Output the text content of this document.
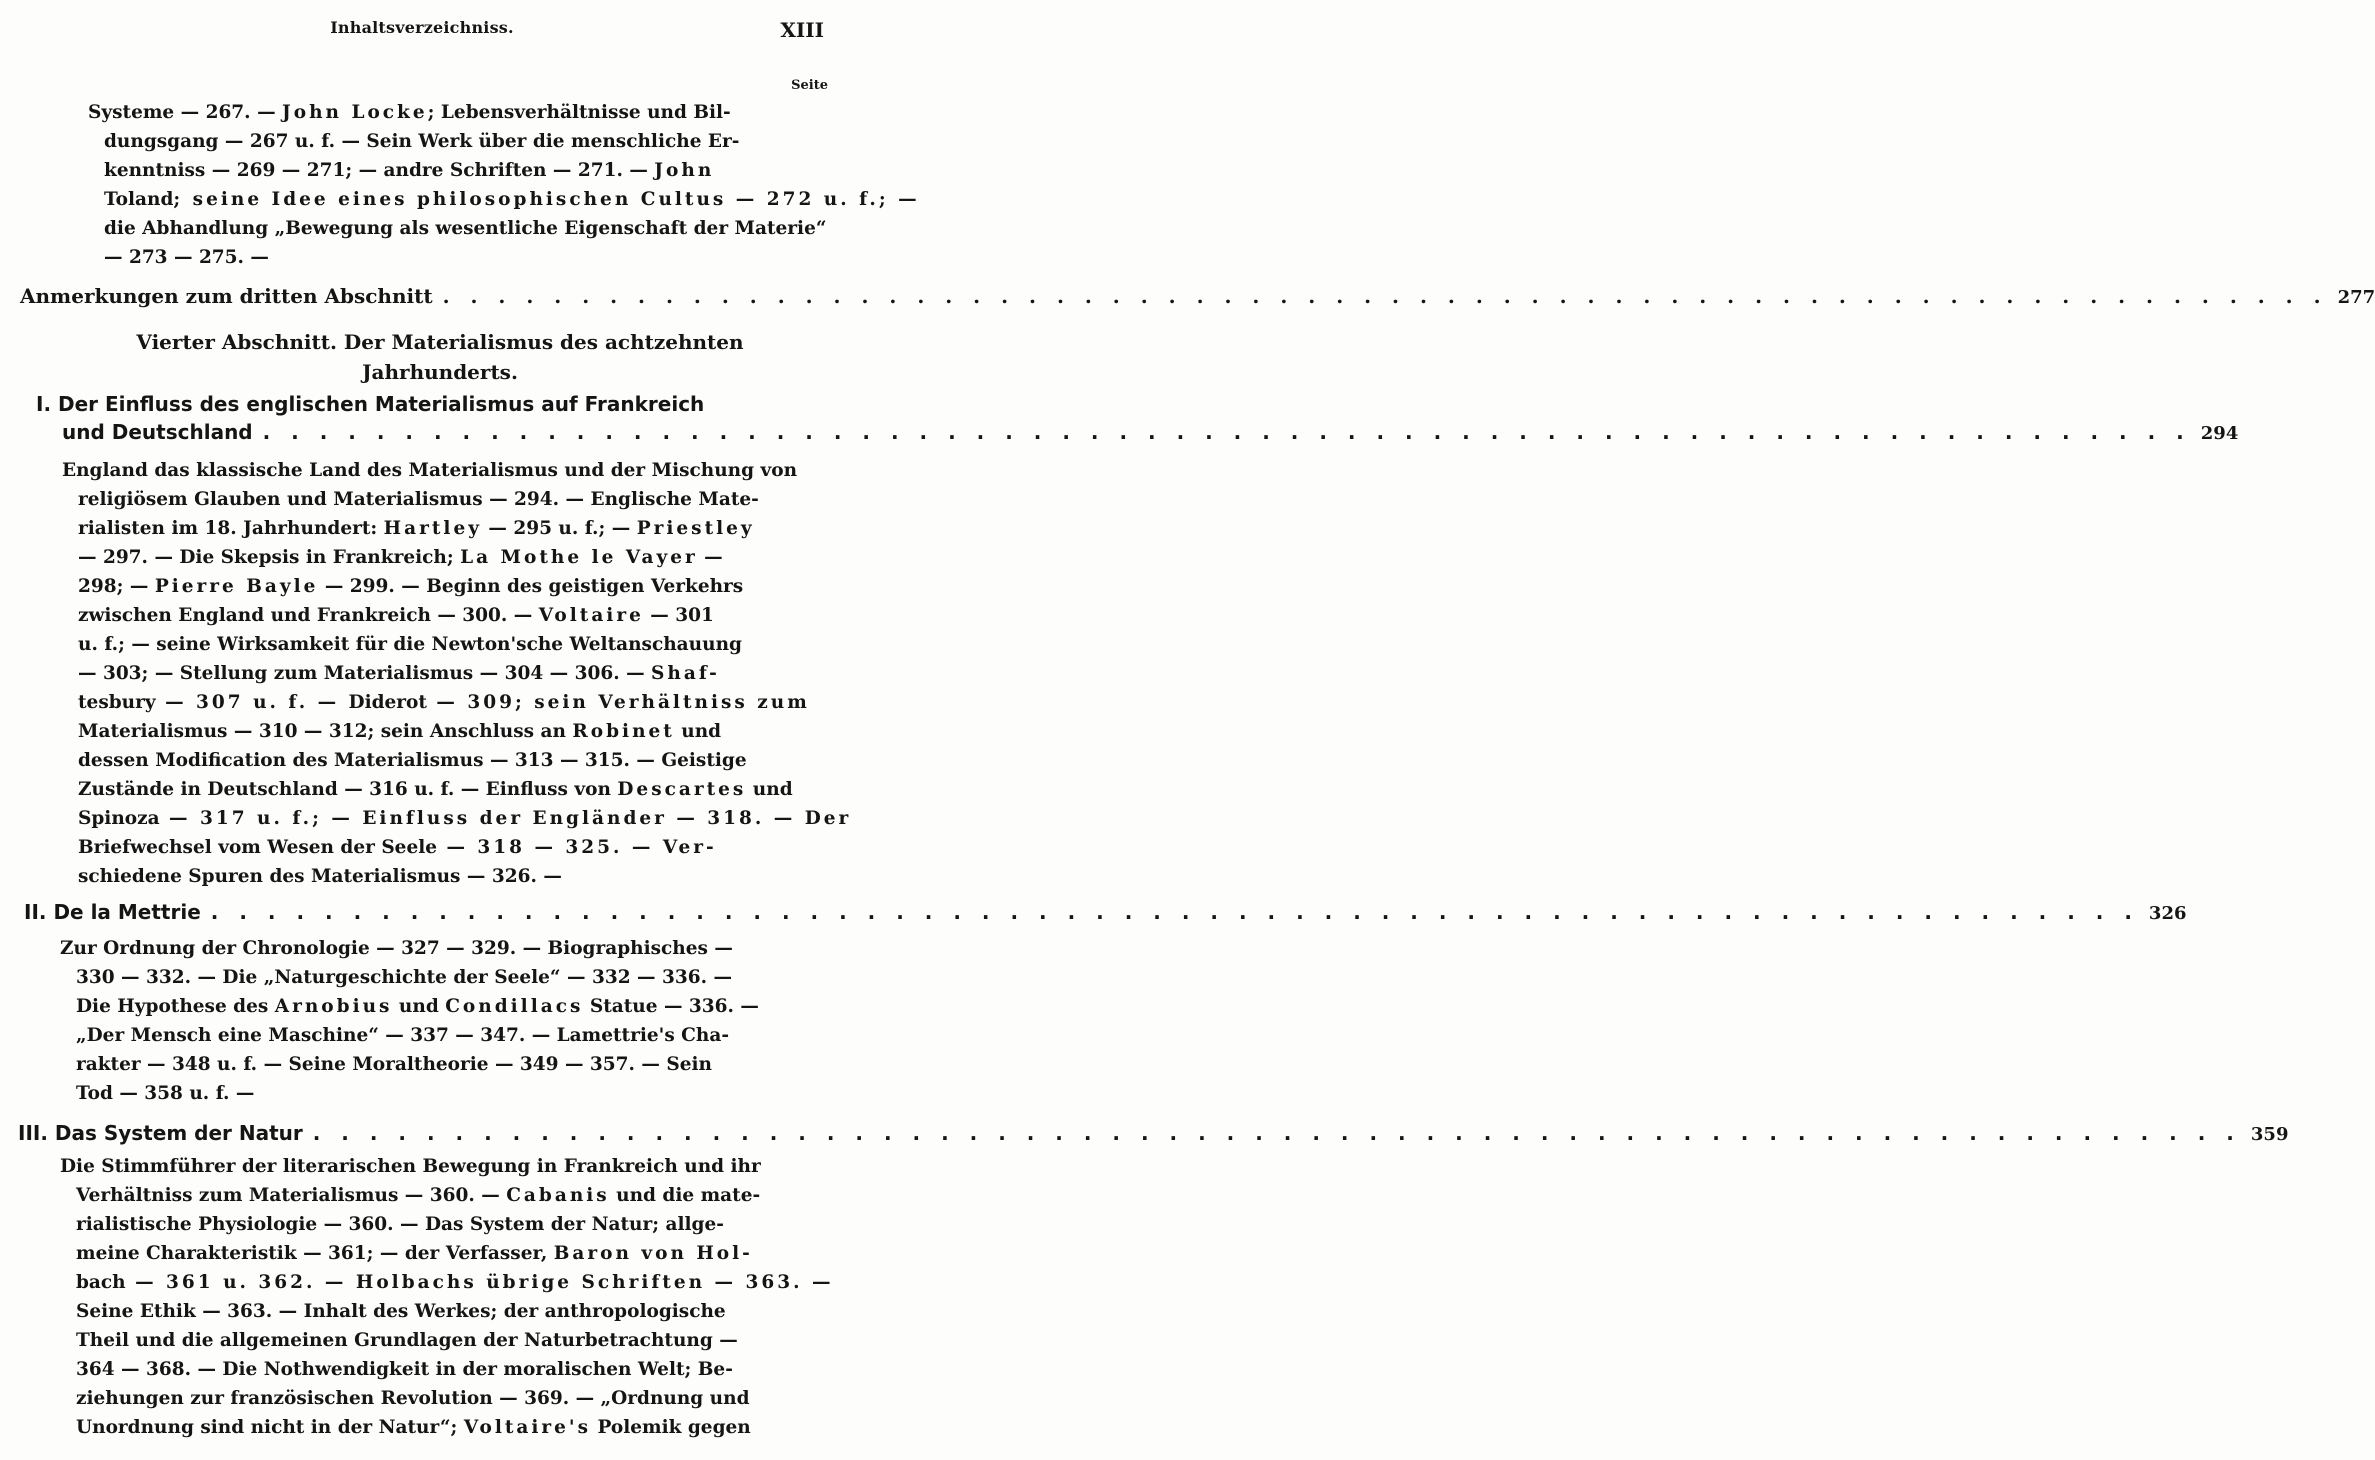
Inhaltsverzeichniss.	XIII
Seite
Systeme — 267. — John Locke; Lebensverhältnisse und Bil-
dungsgang — 267 u. f. — Sein Werk über die menschliche Er-
kenntniss — 269 — 271; — andre Schriften — 271. — John
Toland; seine Idee eines philosophischen Cultus — 272 u. f.; —
die Abhandlung „Bewegung als wesentliche Eigenschaft der Materie“
— 273 — 275. —
Anmerkungen zum dritten Abschnitt . . .	277
Vierter Abschnitt. Der Materialismus des achtzehnten
Jahrhunderts.
I. Der Einfluss des englischen Materialismus auf Frankreich
und Deutschland . . .	294
England das klassische Land des Materialismus und der Mischung von
religiösem Glauben und Materialismus — 294. — Englische Mate-
rialisten im 18. Jahrhundert: Hartley — 295 u. f.; — Priestley
— 297. — Die Skepsis in Frankreich; La Mothe le Vayer —
298; — Pierre Bayle — 299. — Beginn des geistigen Verkehrs
zwischen England und Frankreich — 300. — Voltaire — 301
u. f.; — seine Wirksamkeit für die Newton'sche Weltanschauung
— 303; — Stellung zum Materialismus — 304 — 306. — Shaf-
tesbury — 307 u. f. — Diderot — 309; sein Verhältniss zum
Materialismus — 310 — 312; sein Anschluss an Robinet und
dessen Modification des Materialismus — 313 — 315. — Geistige
Zustände in Deutschland — 316 u. f. — Einfluss von Descartes und
Spinoza — 317 u. f.; — Einfluss der Engländer — 318. — Der
Briefwechsel vom Wesen der Seele — 318 — 325. — Ver-
schiedene Spuren des Materialismus — 326. —
II. De la Mettrie . . .	326
Zur Ordnung der Chronologie — 327 — 329. — Biographisches —
330 — 332. — Die „Naturgeschichte der Seele“ — 332 — 336. —
Die Hypothese des Arnobius und Condillacs Statue — 336. —
„Der Mensch eine Maschine“ — 337 — 347. — Lamettrie's Cha-
rakter — 348 u. f. — Seine Moraltheorie — 349 — 357. — Sein
Tod — 358 u. f. —
III. Das System der Natur . . .	359
Die Stimmführer der literarischen Bewegung in Frankreich und ihr
Verhältniss zum Materialismus — 360. — Cabanis und die mate-
rialistische Physiologie — 360. — Das System der Natur; allge-
meine Charakteristik — 361; — der Verfasser, Baron von Hol-
bach — 361 u. 362. — Holbachs übrige Schriften — 363. —
Seine Ethik — 363. — Inhalt des Werkes; der anthropologische
Theil und die allgemeinen Grundlagen der Naturbetrachtung —
364 — 368. — Die Nothwendigkeit in der moralischen Welt; Be-
ziehungen zur französischen Revolution — 369. — „Ordnung und
Unordnung sind nicht in der Natur“; Voltaire's Polemik gegen
